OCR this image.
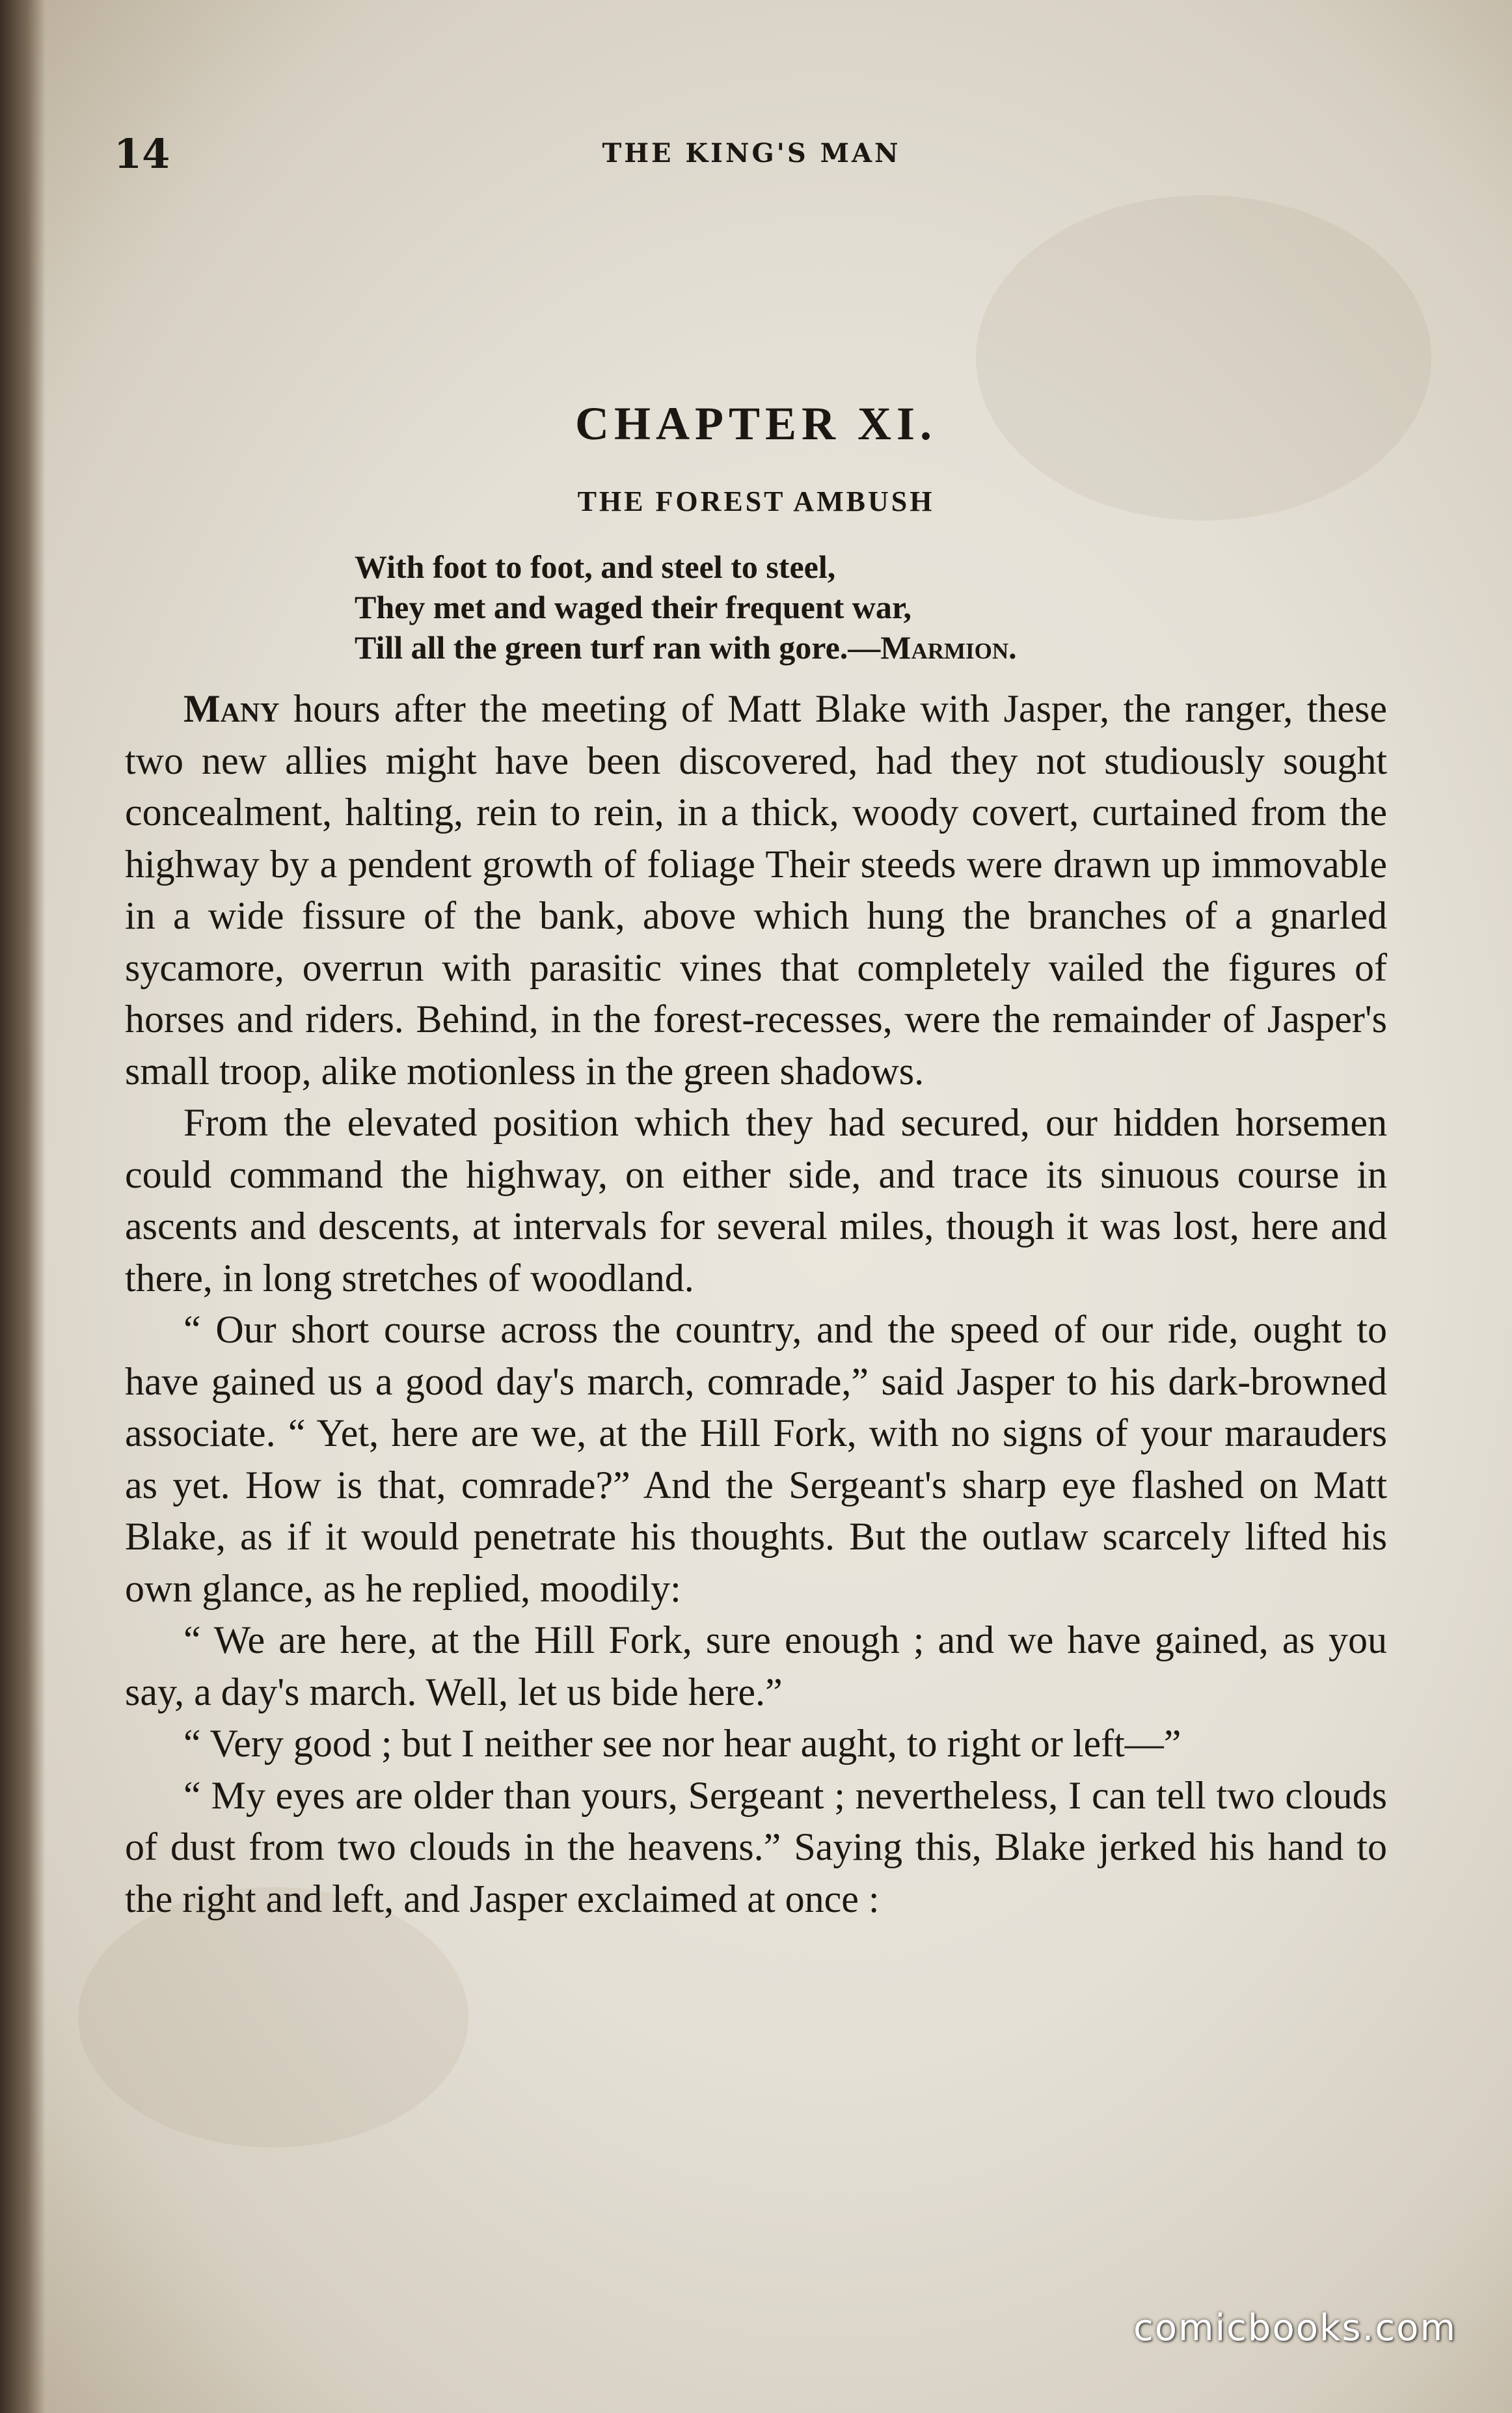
14	THE KING'S MAN
CHAPTER XI.
THE FOREST AMBUSH
With foot to foot, and steel to steel,
They met and waged their frequent war,
Till all the green turf ran with gore.—Marmion.

Many hours after the meeting of Matt Blake with Jasper, the ranger, these two new allies might have been discovered, had they not studiously sought concealment, halting, rein to rein, in a thick, woody covert, curtained from the highway by a pendent growth of foliage Their steeds were drawn up immovable in a wide fissure of the bank, above which hung the branches of a gnarled sycamore, overrun with parasitic vines that completely vailed the figures of horses and riders. Behind, in the forest-recesses, were the remainder of Jasper's small troop, alike motionless in the green shadows.

From the elevated position which they had secured, our hidden horsemen could command the highway, on either side, and trace its sinuous course in ascents and descents, at intervals for several miles, though it was lost, here and there, in long stretches of woodland.

“ Our short course across the country, and the speed of our ride, ought to have gained us a good day's march, comrade,” said Jasper to his dark-browned associate. “ Yet, here are we, at the Hill Fork, with no signs of your marauders as yet. How is that, comrade?” And the Sergeant's sharp eye flashed on Matt Blake, as if it would penetrate his thoughts. But the outlaw scarcely lifted his own glance, as he replied, moodily:

“ We are here, at the Hill Fork, sure enough ; and we have gained, as you say, a day's march. Well, let us bide here.”

“ Very good ; but I neither see nor hear aught, to right or left—”

“ My eyes are older than yours, Sergeant ; nevertheless, I can tell two clouds of dust from two clouds in the heavens.” Saying this, Blake jerked his hand to the right and left, and Jasper exclaimed at once :

comicbooks.com
